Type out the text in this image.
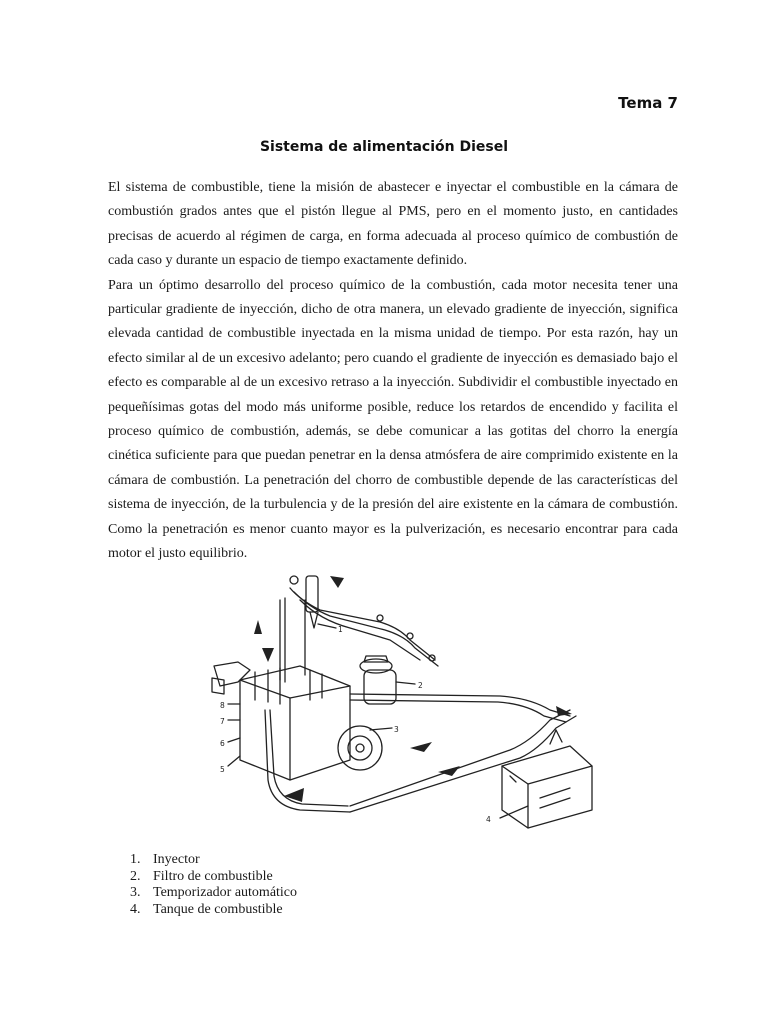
Tema 7
Sistema de alimentación Diesel

El sistema de combustible, tiene la misión de abastecer e inyectar el combustible en la cámara de combustión grados antes que el pistón llegue al PMS, pero en el momento justo, en cantidades precisas de acuerdo al régimen de carga, en forma adecuada al proceso químico de combustión de cada caso y durante un espacio de tiempo exactamente definido.

Para un óptimo desarrollo del proceso químico de la combustión, cada motor necesita tener una particular gradiente de inyección, dicho de otra manera, un elevado gradiente de inyección, significa elevada cantidad de combustible inyectada en la misma unidad de tiempo. Por esta razón, hay un efecto similar al de un excesivo adelanto; pero cuando el gradiente de inyección es demasiado bajo el efecto es comparable al de un excesivo retraso a la inyección. Subdividir el combustible inyectado en pequeñísimas gotas del modo más uniforme posible, reduce los retardos de encendido y facilita el proceso químico de combustión, además, se debe comunicar a las gotitas del chorro la energía cinética suficiente para que puedan penetrar en la densa atmósfera de aire comprimido existente en la cámara de combustión. La penetración del chorro de combustible depende de las características del sistema de inyección, de la turbulencia y de la presión del aire existente en la cámara de combustión. Como la penetración es menor cuanto mayor es la pulverización, es necesario encontrar para cada motor el justo equilibrio.

1
2
3
4
5
6
7
8
1. Inyector
2. Filtro de combustible
3. Temporizador automático
4. Tanque de combustible
